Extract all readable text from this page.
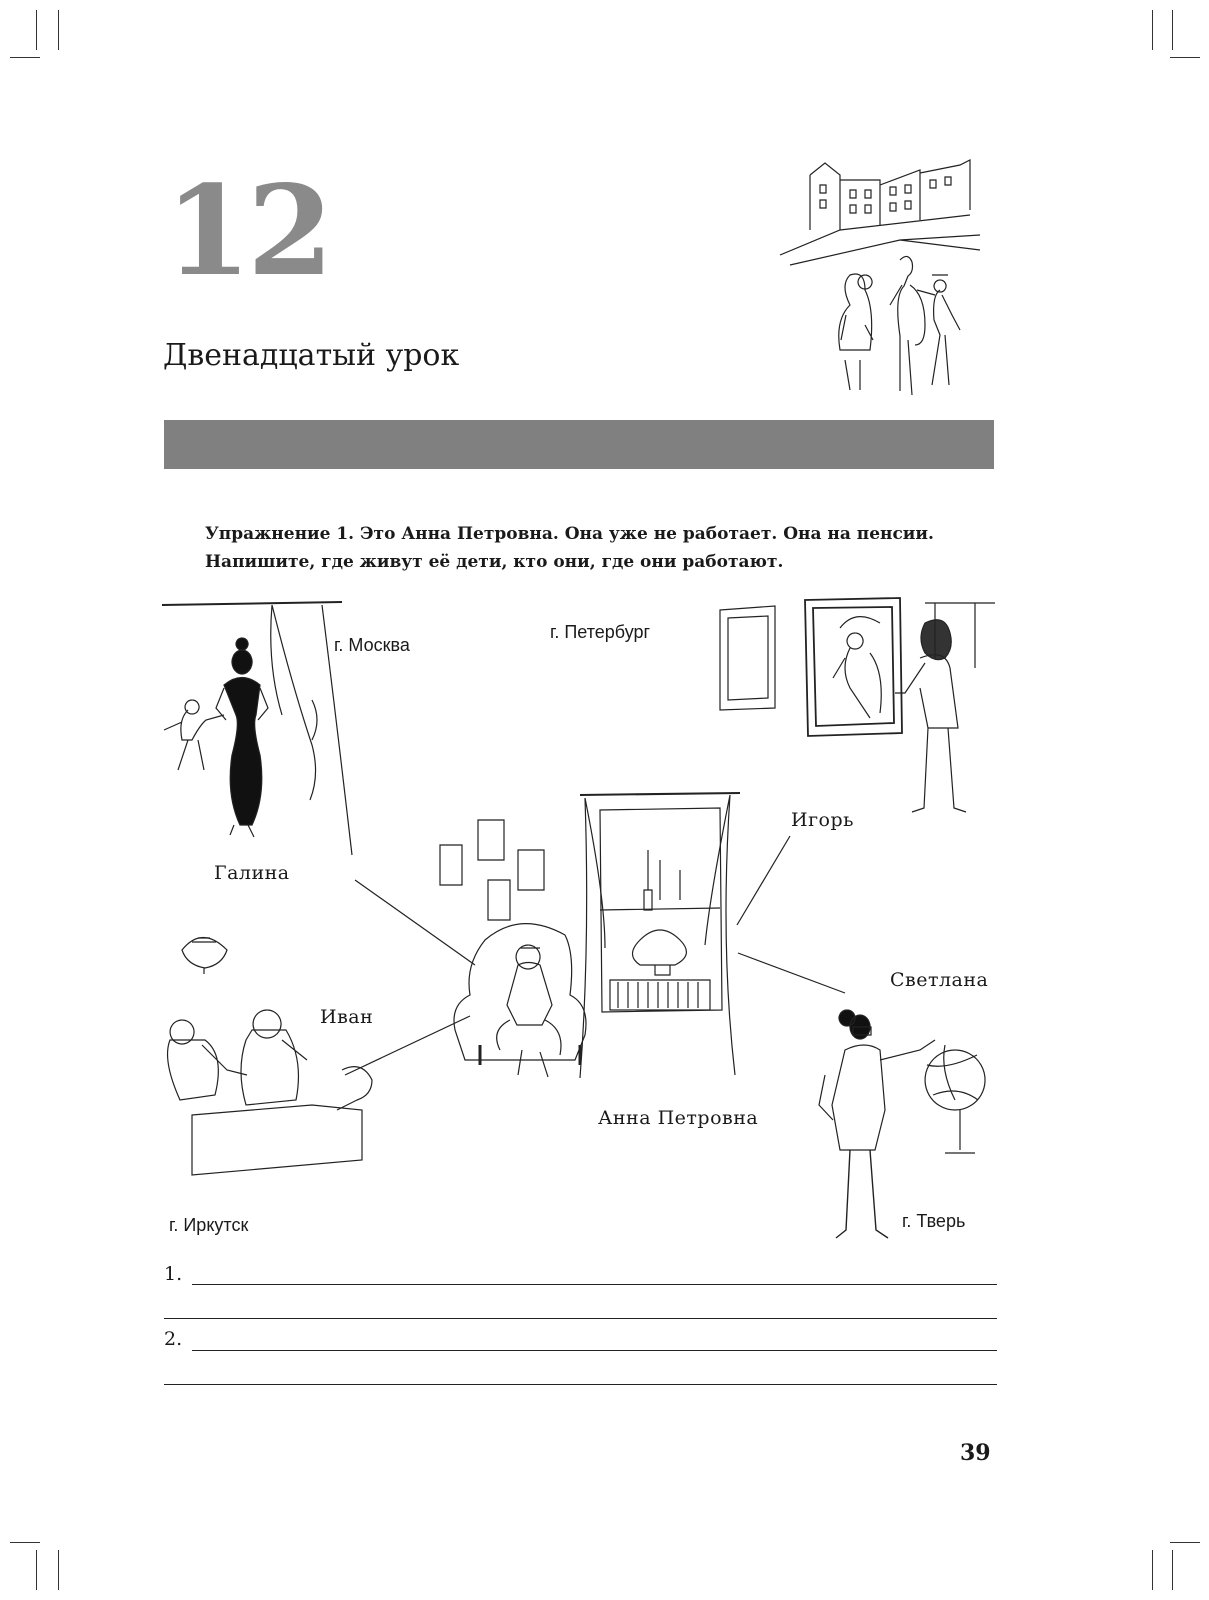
12
Двенадцатый урок
Упражнение 1. Это Анна Петровна. Она уже не работает. Она на пенсии. Напишите, где живут её дети, кто они, где они работают.
г. Москва
г. Петербург
Галина
Игорь
Анна Петровна
Иван
г. Иркутск
Светлана
г. Тверь
1.
2.
39
